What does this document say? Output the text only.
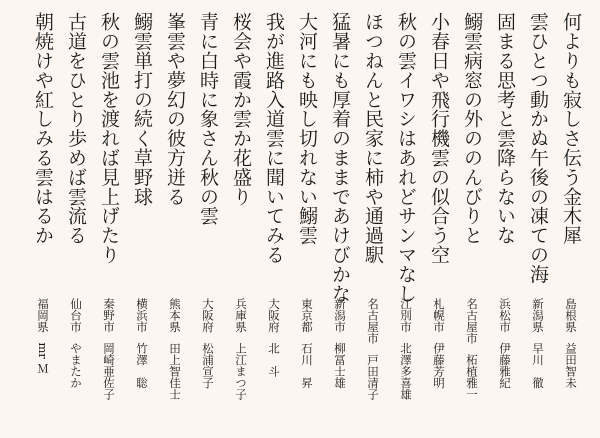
何よりも寂しさ伝う金木犀
島根県益田智未
雲ひとつ動かぬ午後の凍ての海
新潟県早川　徹
固まる思考と雲降らないな
浜松市伊藤雅紀
鰯雲病窓の外ののんびりと
名古屋市柘植雅一
小春日や飛行機雲の似合う空
札幌市伊藤芳明
秋の雲イワシはあれどサンマなし
江別市北澤多喜雄
ほつねんと民家に柿や通過駅
名古屋市戸田清子
猛暑にも厚着のままであけびかな
新潟市柳冨士雄
大河にも映し切れない鰯雲
東京都石川　昇
我が進路入道雲に聞いてみる
大阪府北　斗
桜会や霞か雲か花盛り
兵庫県上江まつ子
青に白時に象さん秋の雲
大阪府松浦宣子
峯雲や夢幻の彼方迸る
熊本県田上智佳士
鰯雲単打の続く草野球
横浜市竹澤　聡
秋の雲池を渡れば見上げたり
秦野市岡崎亜佐子
古道をひとり歩めば雲流る
仙台市やまたか
朝焼けや紅しみる雲はるか
福岡県mr Ｍ
